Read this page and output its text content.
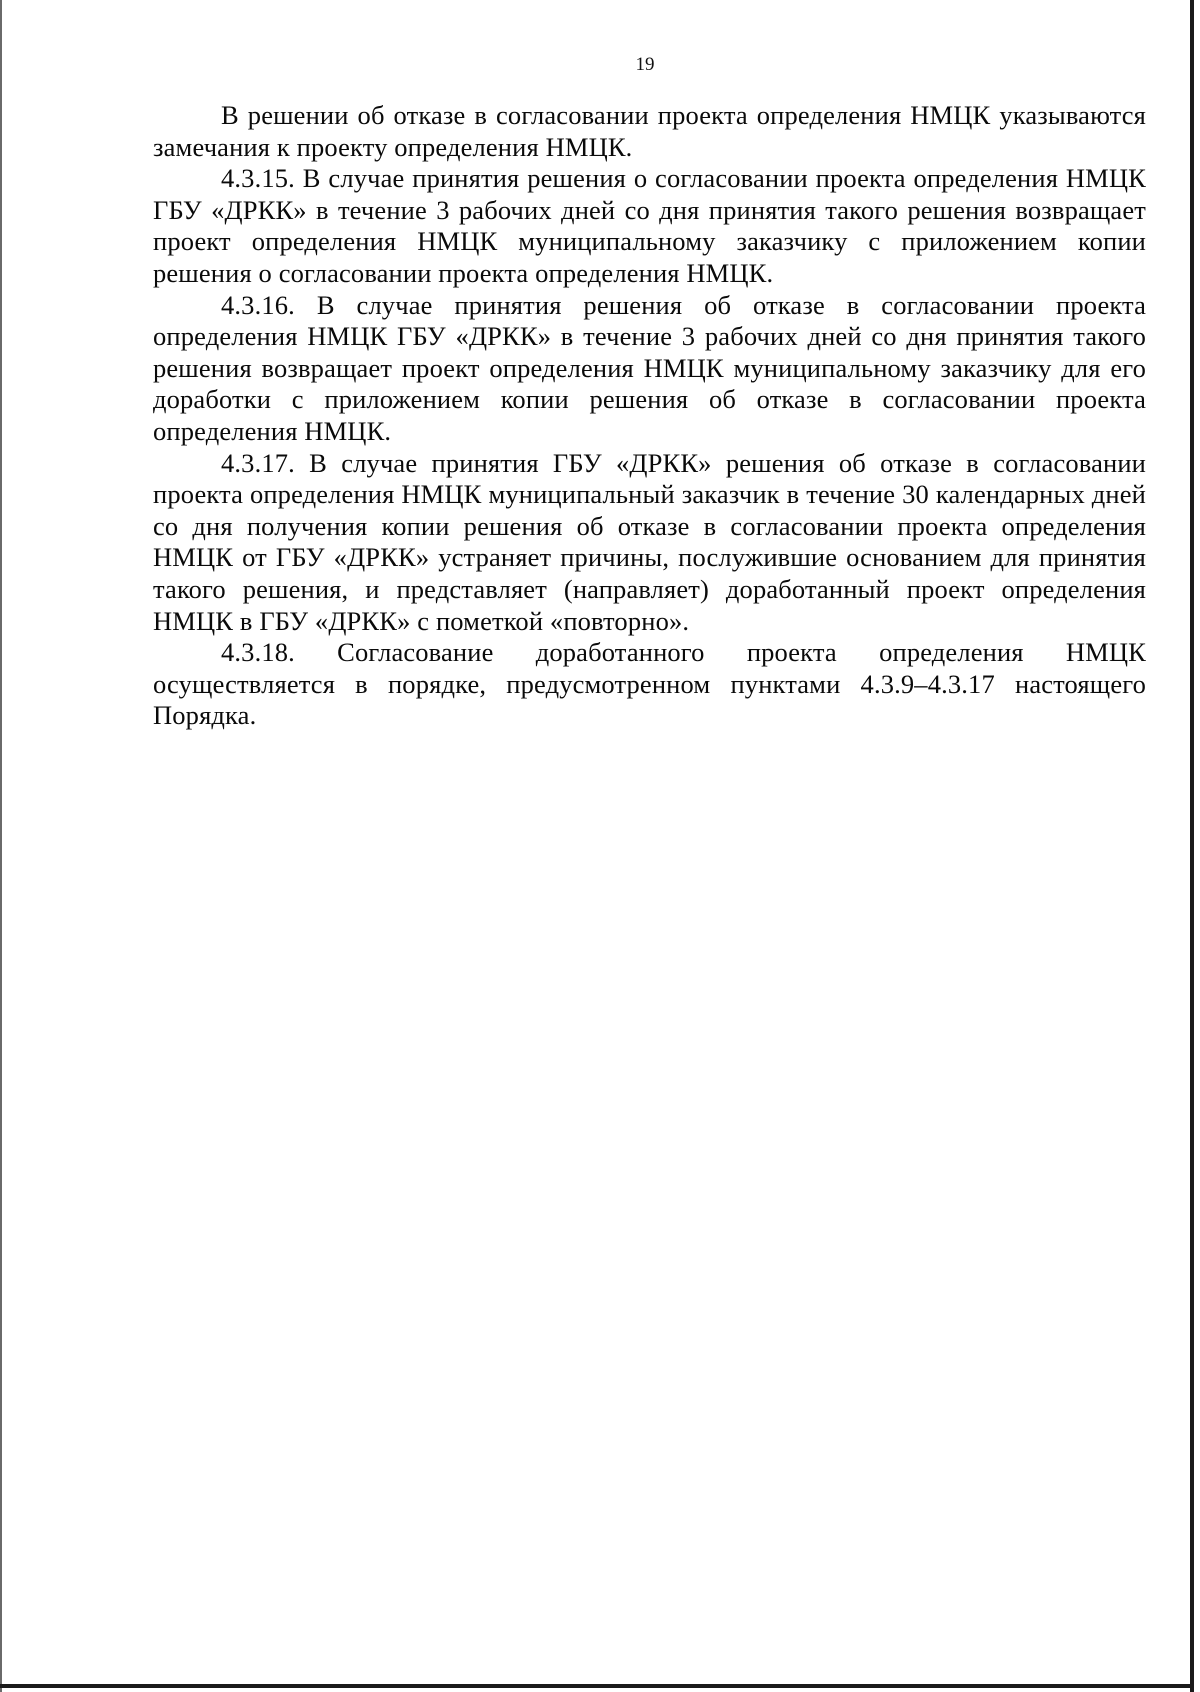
19

В решении об отказе в согласовании проекта определения НМЦК указываются замечания к проекту определения НМЦК.

4.3.15. В случае принятия решения о согласовании проекта определения НМЦК ГБУ «ДРКК» в течение 3 рабочих дней со дня принятия такого решения возвращает проект определения НМЦК муниципальному заказчику с приложением копии решения о согласовании проекта определения НМЦК.

4.3.16. В случае принятия решения об отказе в согласовании проекта определения НМЦК ГБУ «ДРКК» в течение 3 рабочих дней со дня принятия такого решения возвращает проект определения НМЦК муниципальному заказчику для его доработки с приложением копии решения об отказе в согласовании проекта определения НМЦК.

4.3.17. В случае принятия ГБУ «ДРКК» решения об отказе в согласовании проекта определения НМЦК муниципальный заказчик в течение 30 календарных дней со дня получения копии решения об отказе в согласовании проекта определения НМЦК от ГБУ «ДРКК» устраняет причины, послужившие основанием для принятия такого решения, и представляет (направляет) доработанный проект определения НМЦК в ГБУ «ДРКК» с пометкой «повторно».

4.3.18. Согласование доработанного проекта определения НМЦК осуществляется в порядке, предусмотренном пунктами 4.3.9–4.3.17 настоящего Порядка.
